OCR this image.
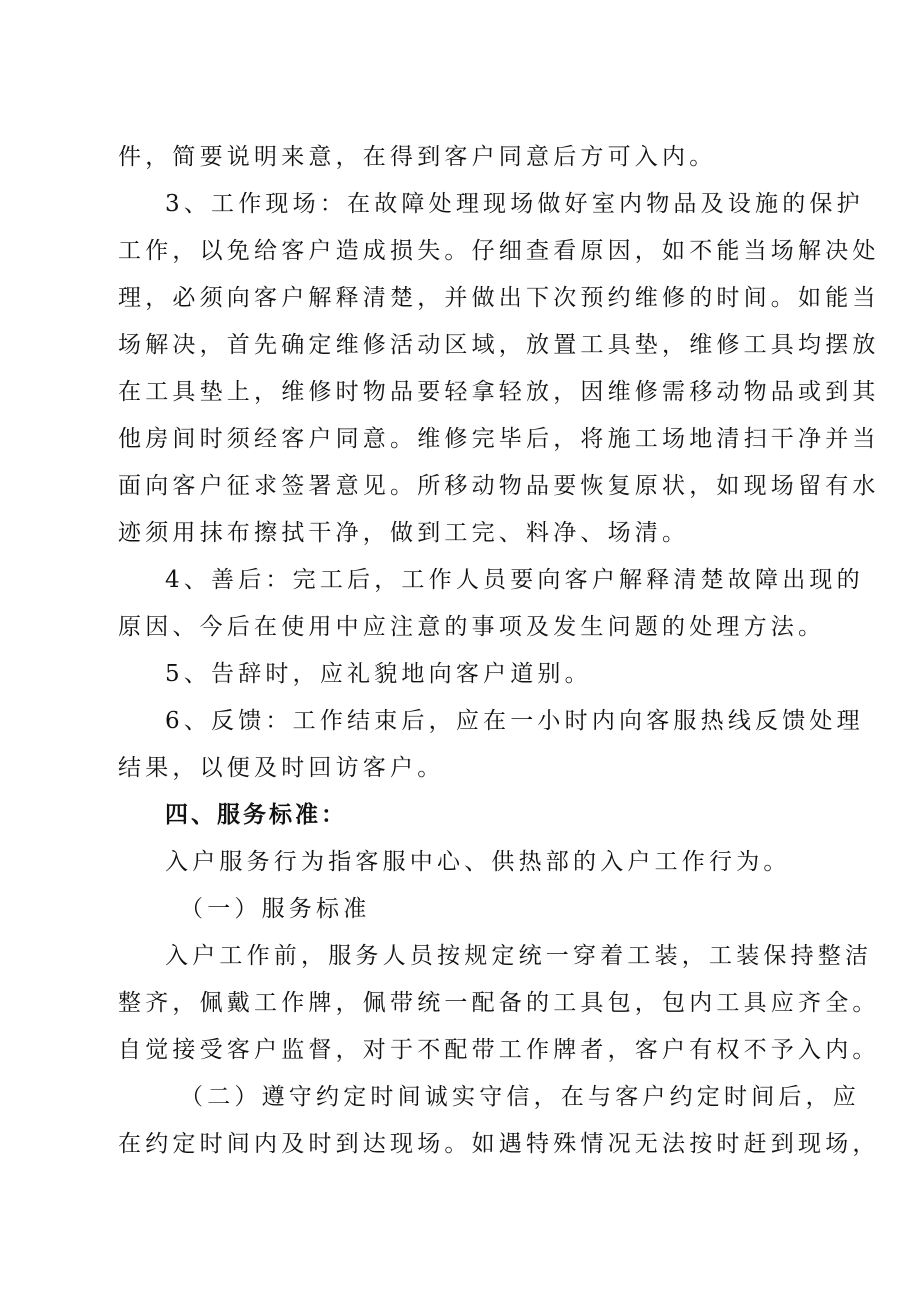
件，简要说明来意，在得到客户同意后方可入内。
3、工作现场：在故障处理现场做好室内物品及设施的保护
工作，以免给客户造成损失。仔细查看原因，如不能当场解决处
理，必须向客户解释清楚，并做出下次预约维修的时间。如能当
场解决，首先确定维修活动区域，放置工具垫，维修工具均摆放
在工具垫上，维修时物品要轻拿轻放，因维修需移动物品或到其
他房间时须经客户同意。维修完毕后，将施工场地清扫干净并当
面向客户征求签署意见。所移动物品要恢复原状，如现场留有水
迹须用抹布擦拭干净，做到工完、料净、场清。
4、善后：完工后，工作人员要向客户解释清楚故障出现的
原因、今后在使用中应注意的事项及发生问题的处理方法。
5、告辞时，应礼貌地向客户道别。
6、反馈：工作结束后，应在一小时内向客服热线反馈处理
结果，以便及时回访客户。
四、服务标准：
入户服务行为指客服中心、供热部的入户工作行为。
（一）服务标准
入户工作前，服务人员按规定统一穿着工装，工装保持整洁
整齐，佩戴工作牌，佩带统一配备的工具包，包内工具应齐全。
自觉接受客户监督，对于不配带工作牌者，客户有权不予入内。
（二）遵守约定时间诚实守信，在与客户约定时间后，应
在约定时间内及时到达现场。如遇特殊情况无法按时赶到现场，
